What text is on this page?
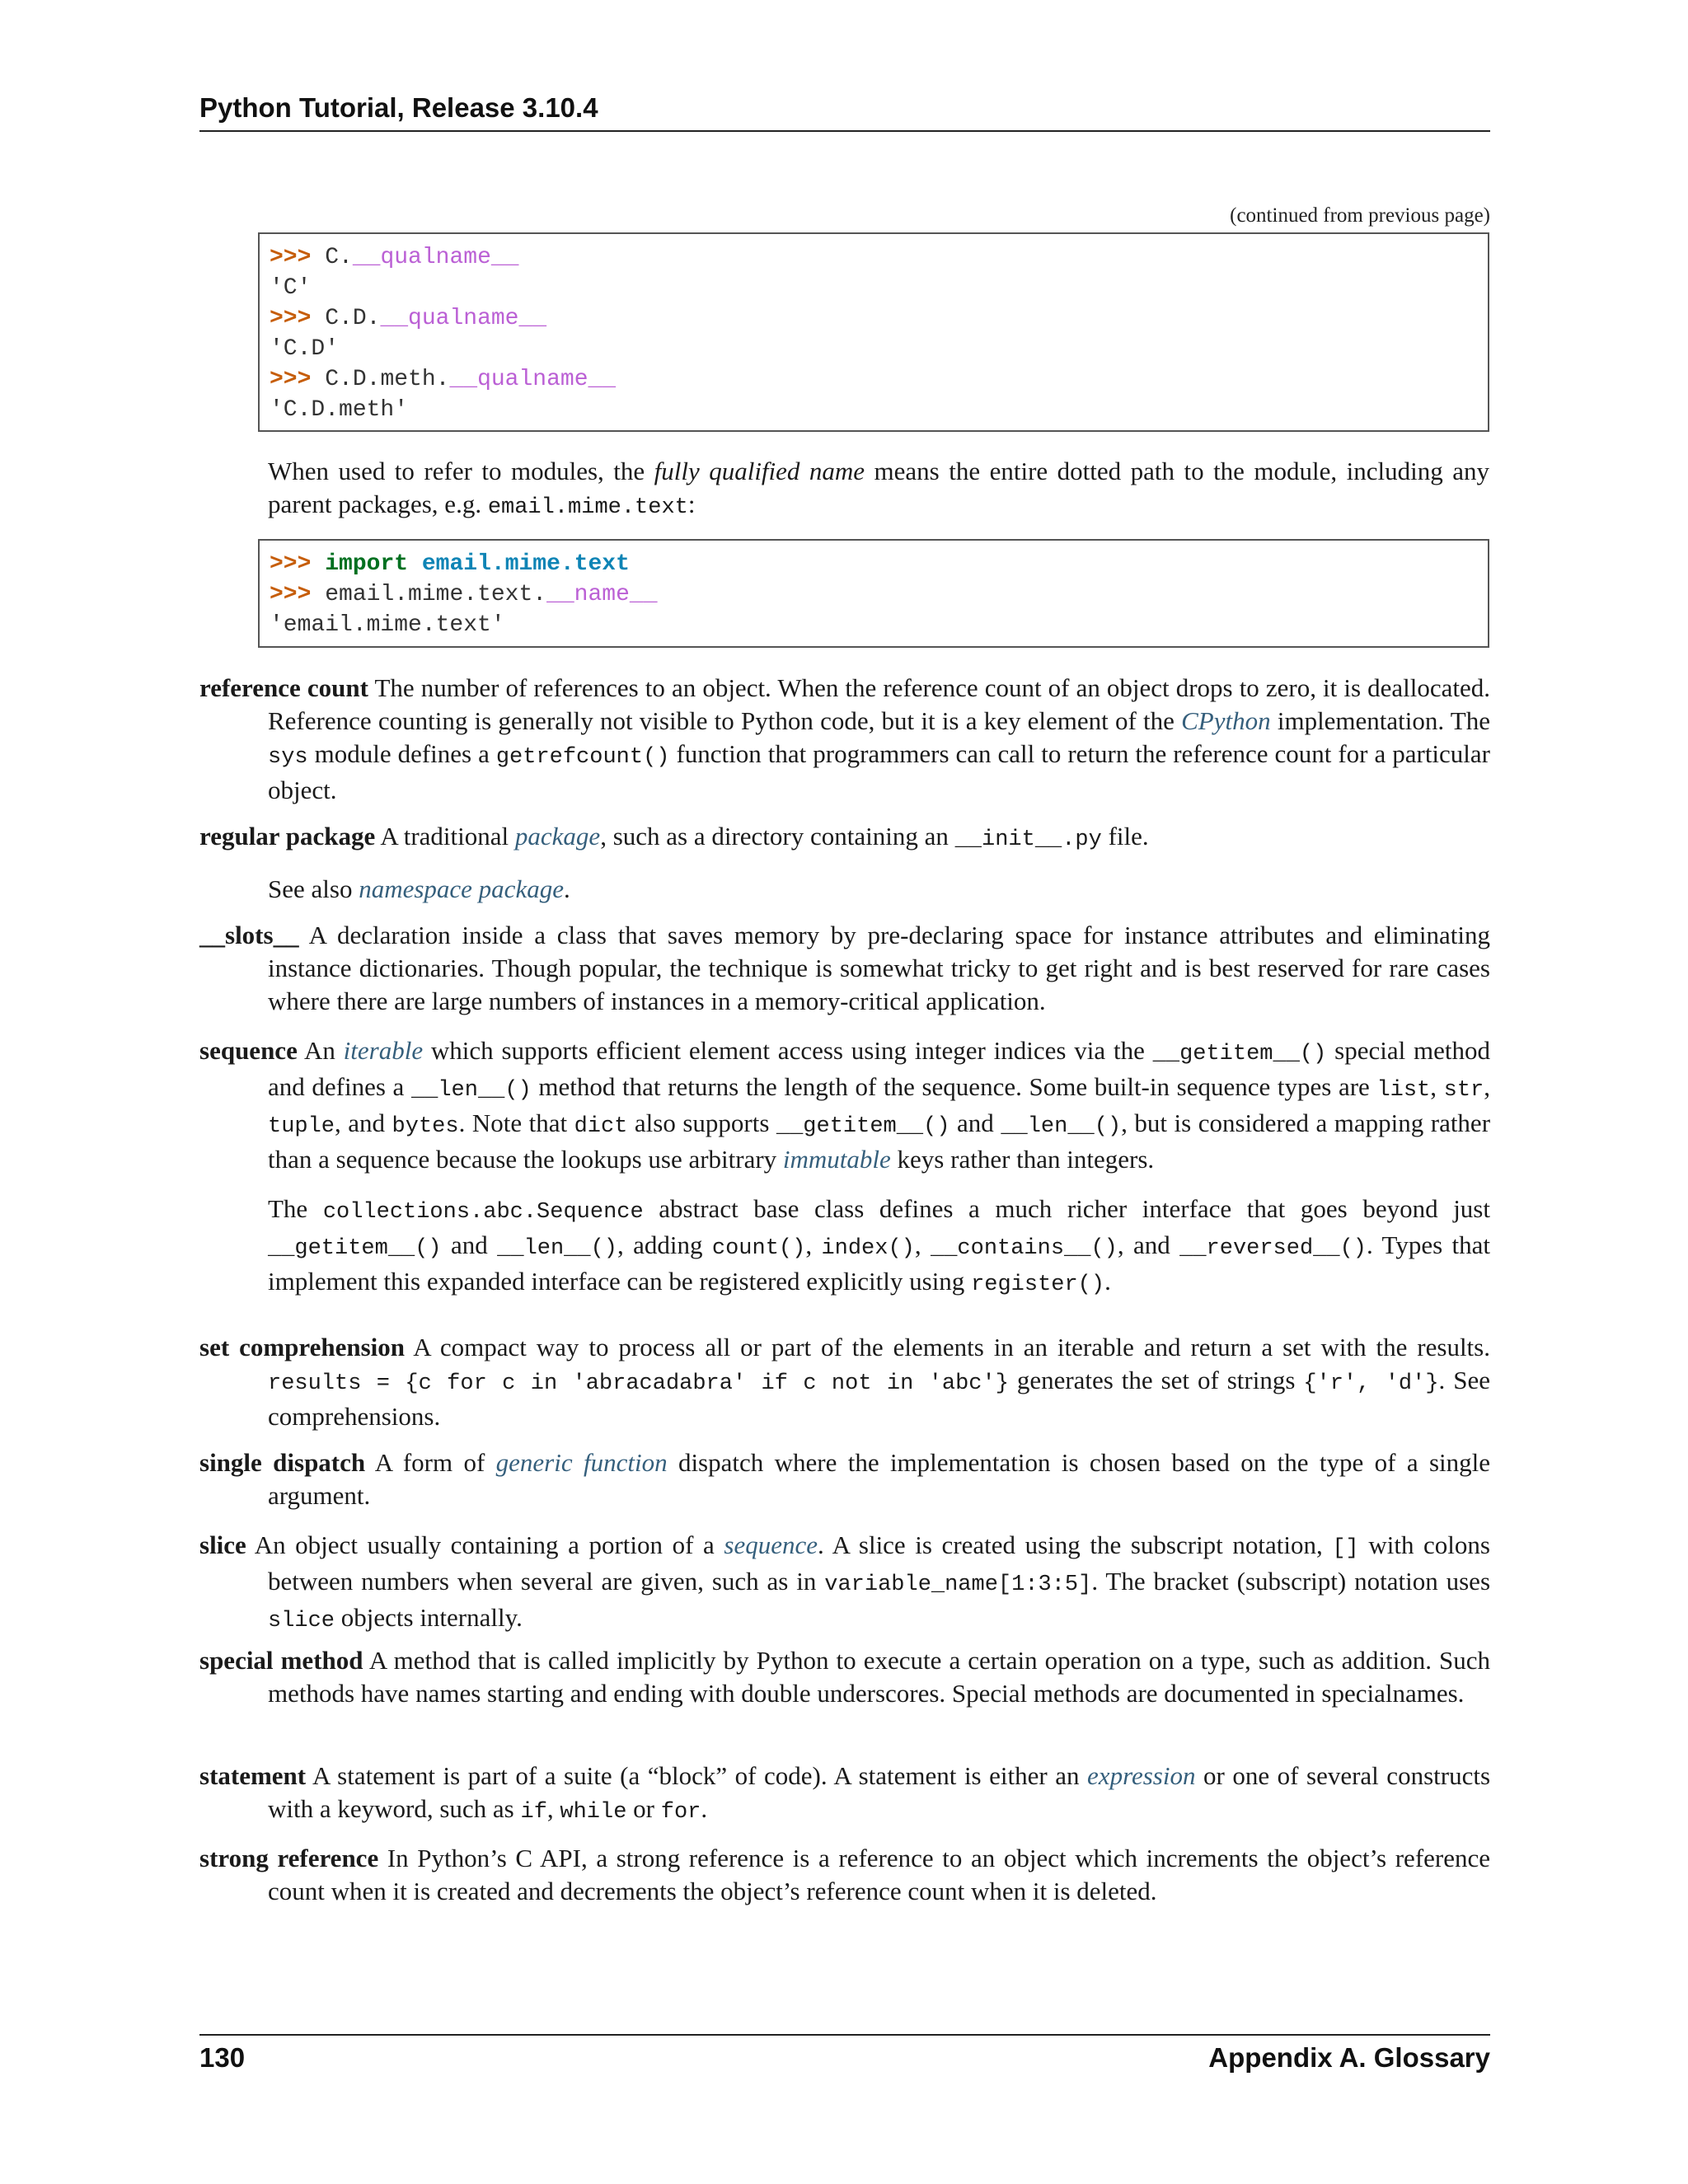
Python Tutorial, Release 3.10.4
(continued from previous page)
>>> C.__qualname__
'C'
>>> C.D.__qualname__
'C.D'
>>> C.D.meth.__qualname__
'C.D.meth'
When used to refer to modules, the fully qualified name means the entire dotted path to the module, including any parent packages, e.g. email.mime.text:
>>> import email.mime.text
>>> email.mime.text.__name__
'email.mime.text'
reference count The number of references to an object. When the reference count of an object drops to zero, it is deallocated. Reference counting is generally not visible to Python code, but it is a key element of the CPython implementation. The sys module defines a getrefcount() function that programmers can call to return the reference count for a particular object.
regular package A traditional package, such as a directory containing an __init__.py file.
See also namespace package.
__slots__ A declaration inside a class that saves memory by pre-declaring space for instance attributes and eliminating instance dictionaries. Though popular, the technique is somewhat tricky to get right and is best reserved for rare cases where there are large numbers of instances in a memory-critical application.
sequence An iterable which supports efficient element access using integer indices via the __getitem__() special method and defines a __len__() method that returns the length of the sequence. Some built-in sequence types are list, str, tuple, and bytes. Note that dict also supports __getitem__() and __len__(), but is considered a mapping rather than a sequence because the lookups use arbitrary immutable keys rather than integers.
The collections.abc.Sequence abstract base class defines a much richer interface that goes beyond just __getitem__() and __len__(), adding count(), index(), __contains__(), and __reversed__(). Types that implement this expanded interface can be registered explicitly using register().
set comprehension A compact way to process all or part of the elements in an iterable and return a set with the results. results = {c for c in 'abracadabra' if c not in 'abc'} generates the set of strings {'r', 'd'}. See comprehensions.
single dispatch A form of generic function dispatch where the implementation is chosen based on the type of a single argument.
slice An object usually containing a portion of a sequence. A slice is created using the subscript notation, [] with colons between numbers when several are given, such as in variable_name[1:3:5]. The bracket (subscript) notation uses slice objects internally.
special method A method that is called implicitly by Python to execute a certain operation on a type, such as addition. Such methods have names starting and ending with double underscores. Special methods are documented in specialnames.
statement A statement is part of a suite (a “block” of code). A statement is either an expression or one of several constructs with a keyword, such as if, while or for.
strong reference In Python’s C API, a strong reference is a reference to an object which increments the object’s reference count when it is created and decrements the object’s reference count when it is deleted.
130	Appendix A. Glossary
